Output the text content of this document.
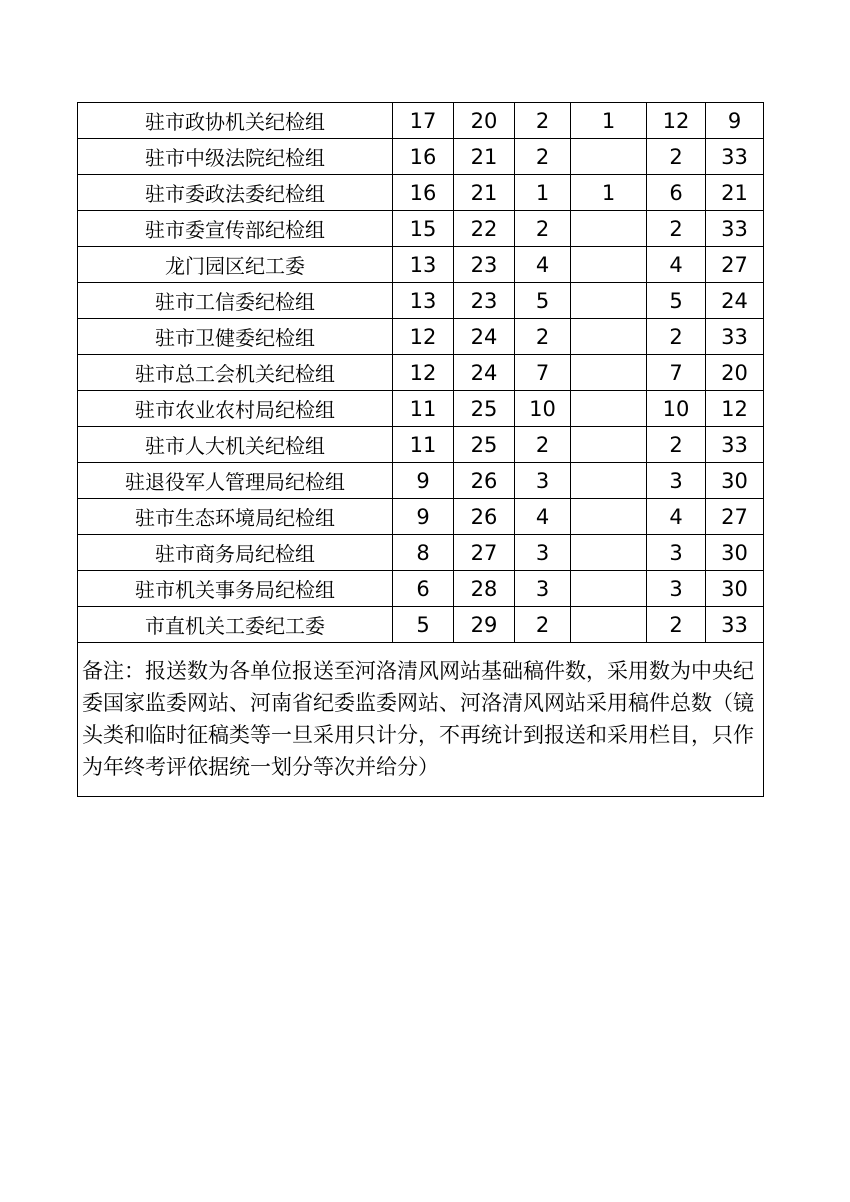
驻市政协机关纪检组	17	20	2	1	12	9
驻市中级法院纪检组	16	21	2		2	33
驻市委政法委纪检组	16	21	1	1	6	21
驻市委宣传部纪检组	15	22	2		2	33
龙门园区纪工委	13	23	4		4	27
驻市工信委纪检组	13	23	5		5	24
驻市卫健委纪检组	12	24	2		2	33
驻市总工会机关纪检组	12	24	7		7	20
驻市农业农村局纪检组	11	25	10		10	12
驻市人大机关纪检组	11	25	2		2	33
驻退役军人管理局纪检组	9	26	3		3	30
驻市生态环境局纪检组	9	26	4		4	27
驻市商务局纪检组	8	27	3		3	30
驻市机关事务局纪检组	6	28	3		3	30
市直机关工委纪工委	5	29	2		2	33
备注：报送数为各单位报送至河洛清风网站基础稿件数，采用数为中央纪委国家监委网站、河南省纪委监委网站、河洛清风网站采用稿件总数（镜头类和临时征稿类等一旦采用只计分，不再统计到报送和采用栏目，只作为年终考评依据统一划分等次并给分）						
